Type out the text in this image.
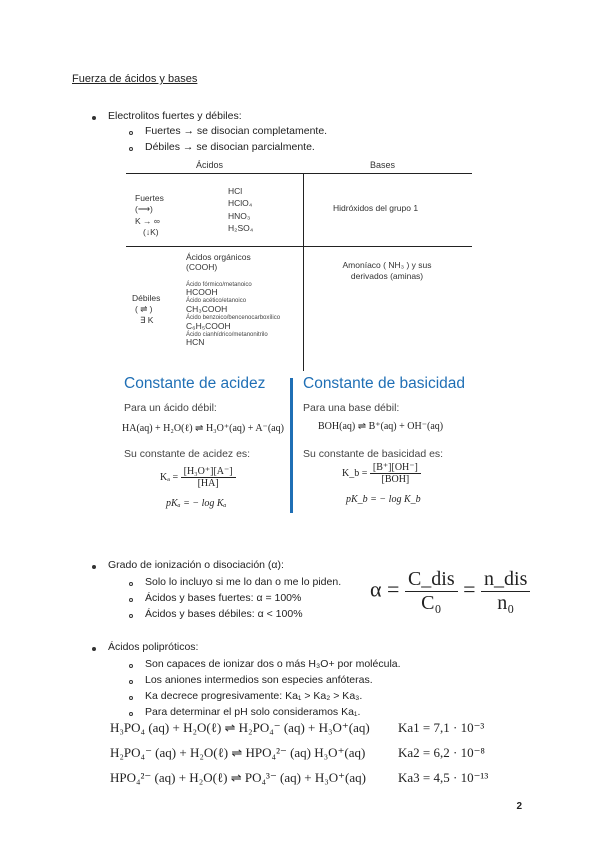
Fuerza de ácidos y bases
Electrolitos fuertes y débiles:
Fuertes → se disocian completamente.
Débiles → se disocian parcialmente.
Ácidos	Bases
Fuertes
(⟶)
K → ∞
(↓K)
HCl
HClO₄
HNO₃
H₂SO₄
Hidróxidos del grupo 1
Débiles
( ⇌ )
∃ K
Ácidos orgánicos
(COOH)
Ácido fórmico/metanoico
HCOOH
Ácido acético/etanoico
CH₃COOH
Ácido benzoico/bencenocarboxílico
C₆H₅COOH
Ácido cianhídrico/metanonitrilo
HCN
Amoníaco ( NH₃ ) y sus
derivados (aminas)
Constante de acidez
Para un ácido débil:
HA(aq) + H₂O(ℓ) ⇌ H₃O⁺(aq) + A⁻(aq)
Su constante de acidez es:
$K_a = \frac{\text{[H₃O⁺][A⁻]}}{[HA]}$
pKₐ = − log Kₐ
Constante de basicidad
Para una base débil:
BOH(aq) ⇌ B⁺(aq) + OH⁻(aq)
Su constante de basicidad es:
K_b = $\frac{[B^+][OH^-]}{\text{[BOH]}}$
pK_b = − log K_b
Grado de ionización o disociación (α):
Solo lo incluyo si me lo dan o me lo piden.
Ácidos y bases fuertes: α = 100%
Ácidos y bases débiles: α < 100%
$\alpha = \frac{\text{C\_dis}}{\text{C₀}} = \frac{\text{n\_dis}}{\text{n₀}}$
Ácidos polipróticos:
Son capaces de ionizar dos o más H₃O+ por molécula.
Los aniones intermedios son especies anfóteras.
Ka decrece progresivamente: Ka₁ > Ka₂ > Ka₃.
Para determinar el pH solo consideramos Ka₁.
H₃PO₄ (aq) + H₂O(ℓ) ⇌ H₂PO₄⁻ (aq) + H₃O⁺(aq) Ka1 = 7,1 · 10⁻³
H₂PO₄⁻ (aq) + H₂O(ℓ) ⇌ HPO₄²⁻ (aq) H₃O⁺(aq)	Ka2 = 6,2 · 10⁻⁸
HPO₄²⁻ (aq) + H₂O(ℓ) ⇌ PO₄³⁻ (aq) + H₃O⁺(aq) Ka3 = 4,5 · 10⁻¹³
2
